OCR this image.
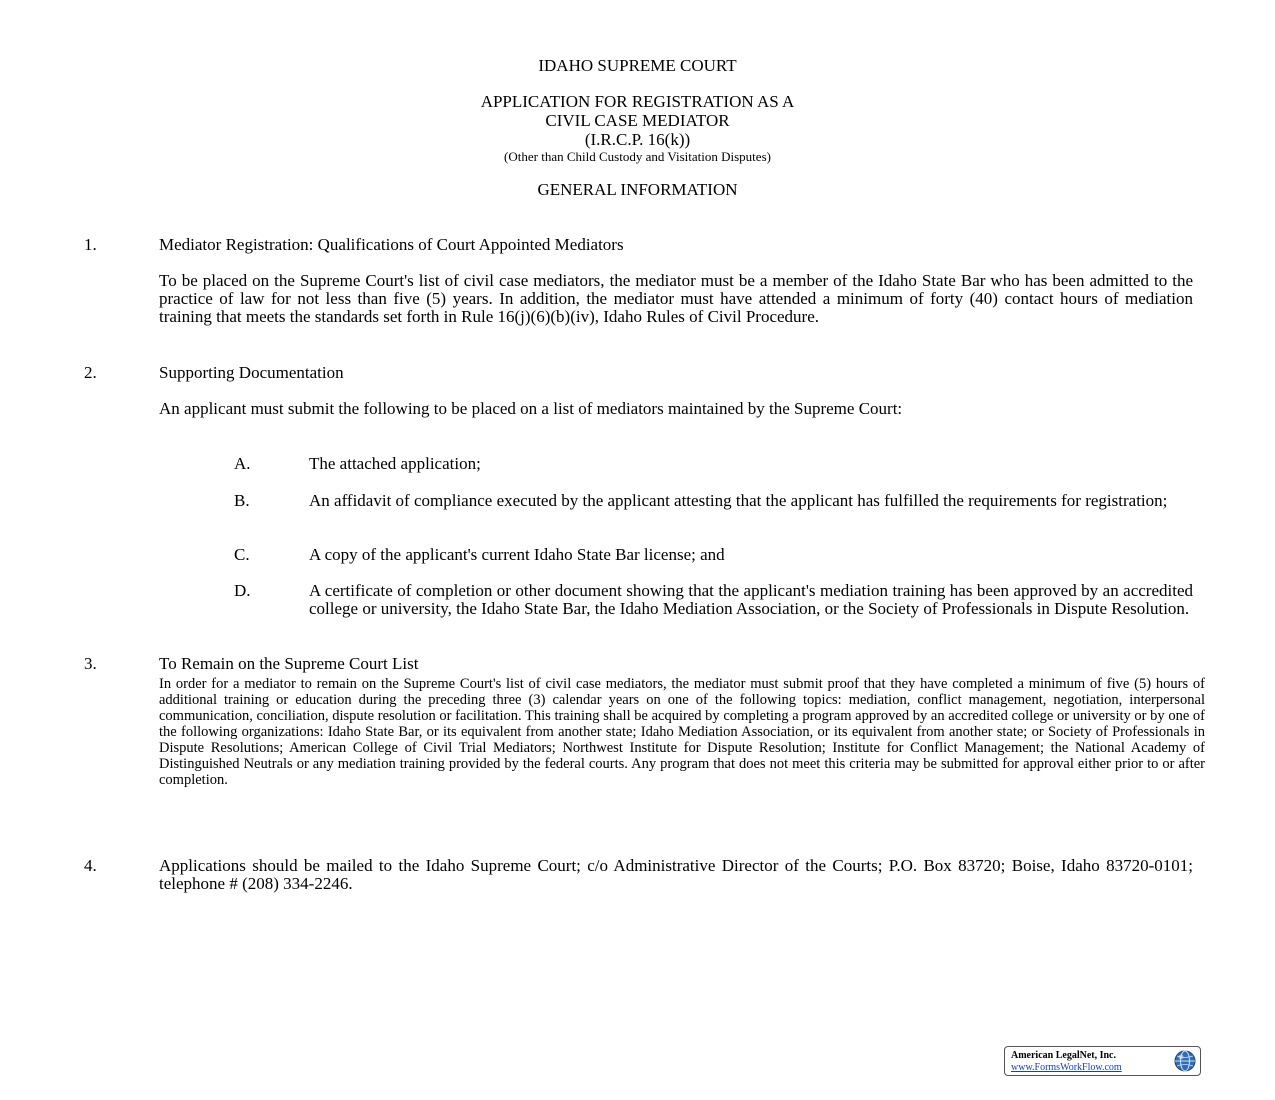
IDAHO SUPREME COURT
APPLICATION FOR REGISTRATION AS A
CIVIL CASE MEDIATOR
(I.R.C.P. 16(k))
(Other than Child Custody and Visitation Disputes)
GENERAL INFORMATION
1.	Mediator Registration: Qualifications of Court Appointed Mediators
To be placed on the Supreme Court's list of civil case mediators, the mediator must be a member of the Idaho State Bar who has been admitted to the practice of law for not less than five (5) years. In addition, the mediator must have attended a minimum of forty (40) contact hours of mediation training that meets the standards set forth in Rule 16(j)(6)(b)(iv), Idaho Rules of Civil Procedure.
2.	Supporting Documentation
An applicant must submit the following to be placed on a list of mediators maintained by the Supreme Court:
A.	The attached application;
B.	An affidavit of compliance executed by the applicant attesting that the applicant has fulfilled the requirements for registration;
C.	A copy of the applicant's current Idaho State Bar license; and
D.	A certificate of completion or other document showing that the applicant's mediation training has been approved by an accredited college or university, the Idaho State Bar, the Idaho Mediation Association, or the Society of Professionals in Dispute Resolution.
3.	To Remain on the Supreme Court List
In order for a mediator to remain on the Supreme Court's list of civil case mediators, the mediator must submit proof that they have completed a minimum of five (5) hours of additional training or education during the preceding three (3) calendar years on one of the following topics: mediation, conflict management, negotiation, interpersonal communication, conciliation, dispute resolution or facilitation. This training shall be acquired by completing a program approved by an accredited college or university or by one of the following organizations: Idaho State Bar, or its equivalent from another state; Idaho Mediation Association, or its equivalent from another state; or Society of Professionals in Dispute Resolutions; American College of Civil Trial Mediators; Northwest Institute for Dispute Resolution; Institute for Conflict Management; the National Academy of Distinguished Neutrals or any mediation training provided by the federal courts. Any program that does not meet this criteria may be submitted for approval either prior to or after completion.
4.	Applications should be mailed to the Idaho Supreme Court; c/o Administrative Director of the Courts; P.O. Box 83720; Boise, Idaho 83720-0101; telephone # (208) 334-2246.
American LegalNet, Inc.
www.FormsWorkFlow.com
